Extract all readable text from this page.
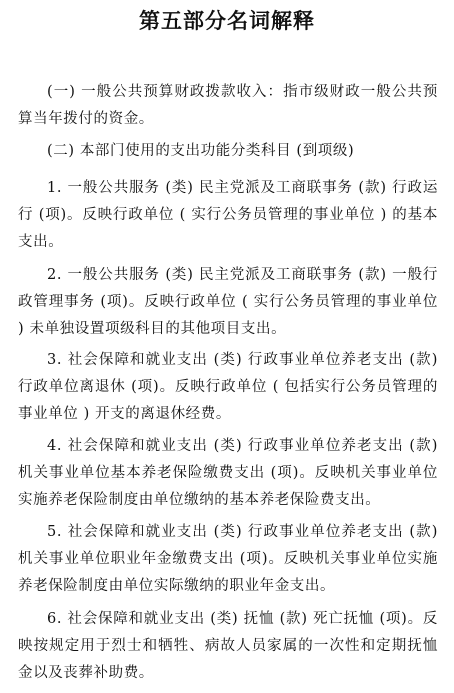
第五部分名词解释

(一) 一般公共预算财政拨款收入：指市级财政一般公共预算当年拨付的资金。

(二) 本部门使用的支出功能分类科目 (到项级)

1. 一般公共服务 (类) 民主党派及工商联事务 (款) 行政运行 (项)。反映行政单位 ( 实行公务员管理的事业单位 ) 的基本支出。

2. 一般公共服务 (类) 民主党派及工商联事务 (款) 一般行政管理事务 (项)。反映行政单位 ( 实行公务员管理的事业单位 ) 未单独设置项级科目的其他项目支出。

3. 社会保障和就业支出 (类) 行政事业单位养老支出 (款) 行政单位离退休 (项)。反映行政单位 ( 包括实行公务员管理的事业单位 ) 开支的离退休经费。

4. 社会保障和就业支出 (类) 行政事业单位养老支出 (款) 机关事业单位基本养老保险缴费支出 (项)。反映机关事业单位实施养老保险制度由单位缴纳的基本养老保险费支出。

5. 社会保障和就业支出 (类) 行政事业单位养老支出 (款) 机关事业单位职业年金缴费支出 (项)。反映机关事业单位实施养老保险制度由单位实际缴纳的职业年金支出。

6. 社会保障和就业支出 (类) 抚恤 (款) 死亡抚恤 (项)。反映按规定用于烈士和牺牲、病故人员家属的一次性和定期抚恤金以及丧葬补助费。
